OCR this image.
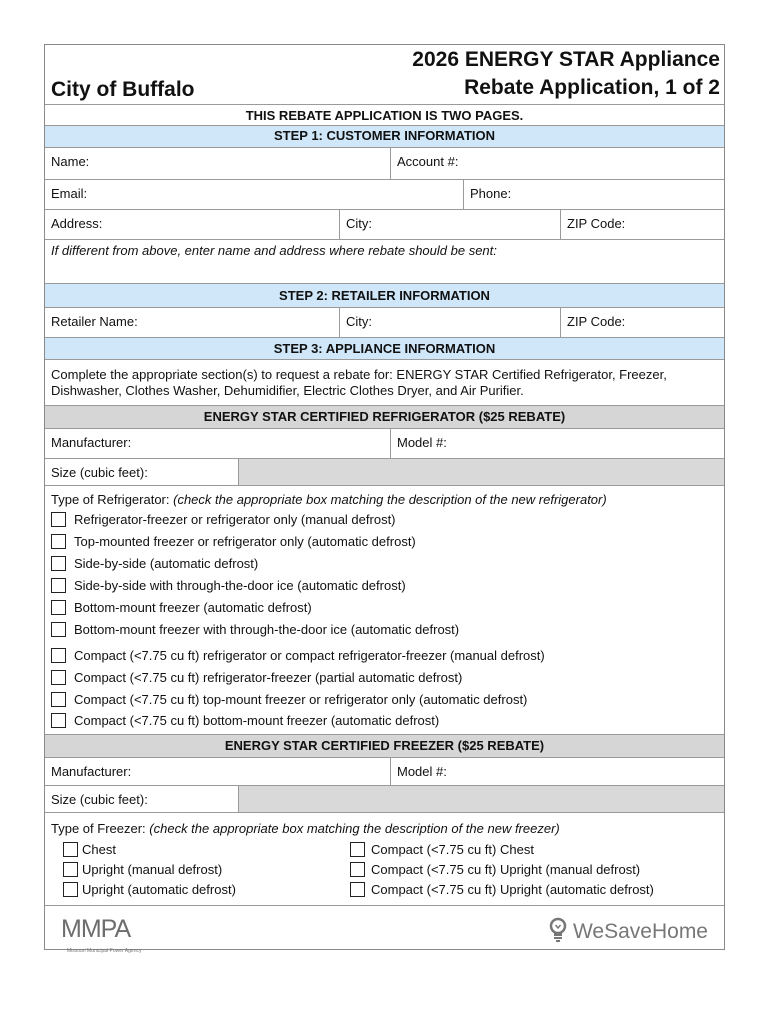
City of Buffalo
2026 ENERGY STAR Appliance
Rebate Application, 1 of 2
THIS REBATE APPLICATION IS TWO PAGES.
STEP 1: CUSTOMER INFORMATION
Name:	Account #:
Email:	Phone:
Address:	City:	ZIP Code:
If different from above, enter name and address where rebate should be sent:
STEP 2: RETAILER INFORMATION
Retailer Name:	City:	ZIP Code:
STEP 3: APPLIANCE INFORMATION
Complete the appropriate section(s) to request a rebate for: ENERGY STAR Certified Refrigerator, Freezer,
Dishwasher, Clothes Washer, Dehumidifier, Electric Clothes Dryer, and Air Purifier.
ENERGY STAR CERTIFIED REFRIGERATOR ($25 REBATE)
Manufacturer:	Model #:
Size (cubic feet):
Type of Refrigerator: (check the appropriate box matching the description of the new refrigerator)
Refrigerator-freezer or refrigerator only (manual defrost)
Top-mounted freezer or refrigerator only (automatic defrost)
Side-by-side (automatic defrost)
Side-by-side with through-the-door ice (automatic defrost)
Bottom-mount freezer (automatic defrost)
Bottom-mount freezer with through-the-door ice (automatic defrost)
Compact (<7.75 cu ft) refrigerator or compact refrigerator-freezer (manual defrost)
Compact (<7.75 cu ft) refrigerator-freezer (partial automatic defrost)
Compact (<7.75 cu ft) top-mount freezer or refrigerator only (automatic defrost)
Compact (<7.75 cu ft) bottom-mount freezer (automatic defrost)
ENERGY STAR CERTIFIED FREEZER ($25 REBATE)
Manufacturer:	Model #:
Size (cubic feet):
Type of Freezer: (check the appropriate box matching the description of the new freezer)
Chest
Upright (manual defrost)
Upright (automatic defrost)
Compact (<7.75 cu ft) Chest
Compact (<7.75 cu ft) Upright (manual defrost)
Compact (<7.75 cu ft) Upright (automatic defrost)
MMPA
Missouri Municipal Power Agency
WeSaveHome
